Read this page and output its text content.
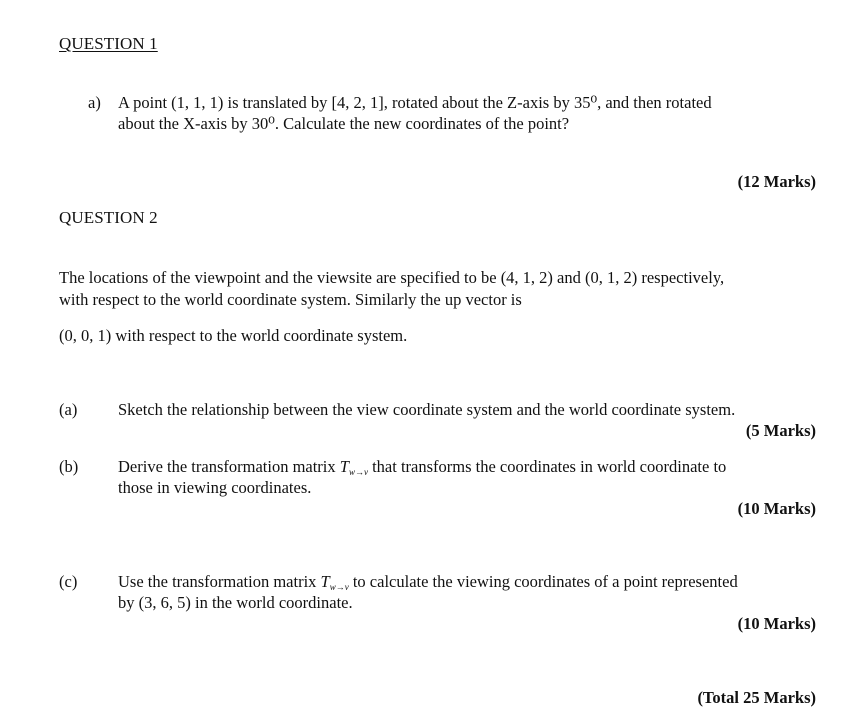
QUESTION 1
a) A point (1, 1, 1) is translated by [4, 2, 1], rotated about the Z-axis by 35⁰, and then rotated
about the X-axis by 30⁰. Calculate the new coordinates of the point?
(12 Marks)
QUESTION 2
The locations of the viewpoint and the viewsite are specified to be (4, 1, 2) and (0, 1, 2) respectively,
with respect to the world coordinate system. Similarly the up vector is
(0, 0, 1) with respect to the world coordinate system.
(a) Sketch the relationship between the view coordinate system and the world coordinate system.
(5 Marks)
(b) Derive the transformation matrix $T_{w\to v}$ that transforms the coordinates in world coordinate to
those in viewing coordinates.
(10 Marks)
(c) Use the transformation matrix $T_{w\to v}$ to calculate the viewing coordinates of a point represented
by (3, 6, 5) in the world coordinate.
(10 Marks)
(Total 25 Marks)
